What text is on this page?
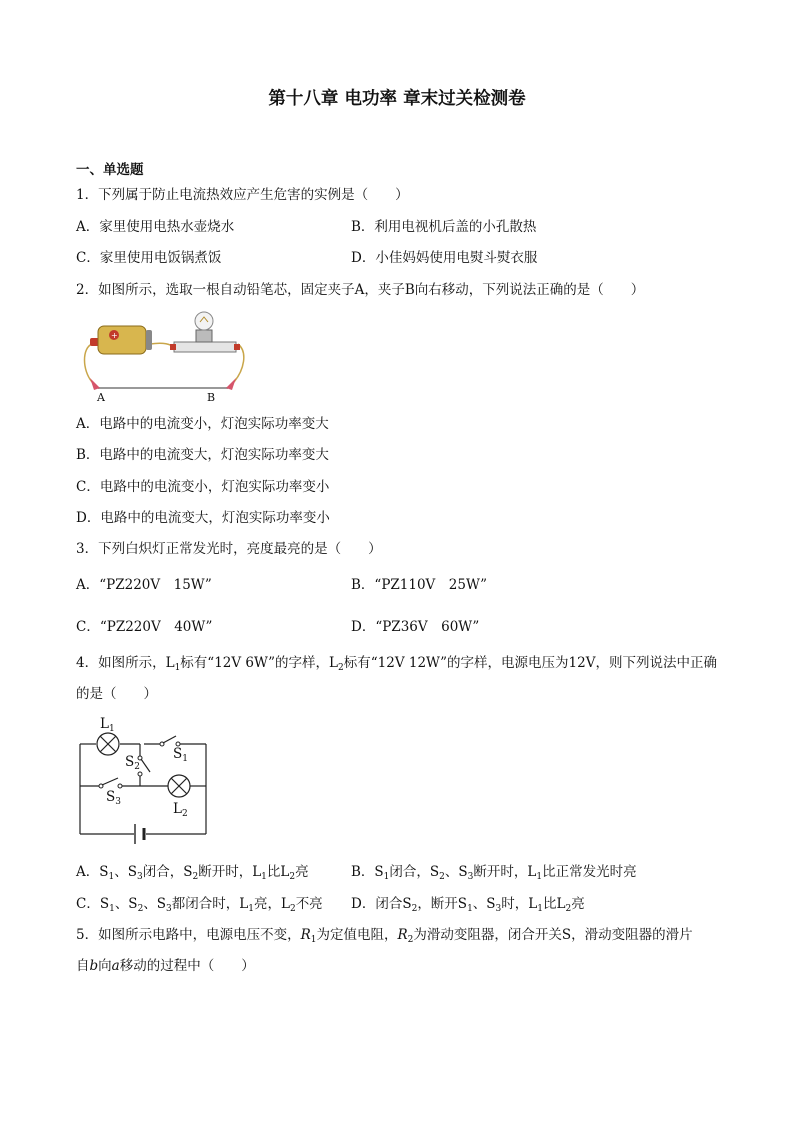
第十八章 电功率 章末过关检测卷
一、单选题
1．下列属于防止电流热效应产生危害的实例是（　　）
A．家里使用电热水壶烧水	B．利用电视机后盖的小孔散热
C．家里使用电饭锅煮饭	D．小佳妈妈使用电熨斗熨衣服
2．如图所示，选取一根自动铅笔芯，固定夹子A，夹子B向右移动，下列说法正确的是（　　）
+
A	B
A．电路中的电流变小，灯泡实际功率变大
B．电路中的电流变大，灯泡实际功率变大
C．电路中的电流变小，灯泡实际功率变小
D．电路中的电流变大，灯泡实际功率变小
3．下列白炽灯正常发光时，亮度最亮的是（　　）
A．“PZ220V　15W”	B．“PZ110V　25W”
C．“PZ220V　40W”	D．“PZ36V　60W”
4．如图所示，$L_1$标有“12V 6W”的字样，$L_2$标有“12V 12W”的字样，电源电压为12V，则下列说法中正确
的是（　　）
$L_1$
$S_1$
$S_2$
$S_3$	$L_2$
A．$S_1$、$S_3$闭合，$S_2$断开时，$L_1$比$L_2$亮	B．$S_1$闭合，$S_2$、$S_3$断开时，$L_1$比正常发光时亮
C．$S_1$、$S_2$、$S_3$都闭合时，$L_1$亮，$L_2$不亮 D．闭合$S_2$，断开$S_1$、$S_3$时，$L_1$比$L_2$亮
5．如图所示电路中，电源电压不变，$R_1$为定值电阻，$R_2$为滑动变阻器，闭合开关S，滑动变阻器的滑片
自b向a移动的过程中（　　）
